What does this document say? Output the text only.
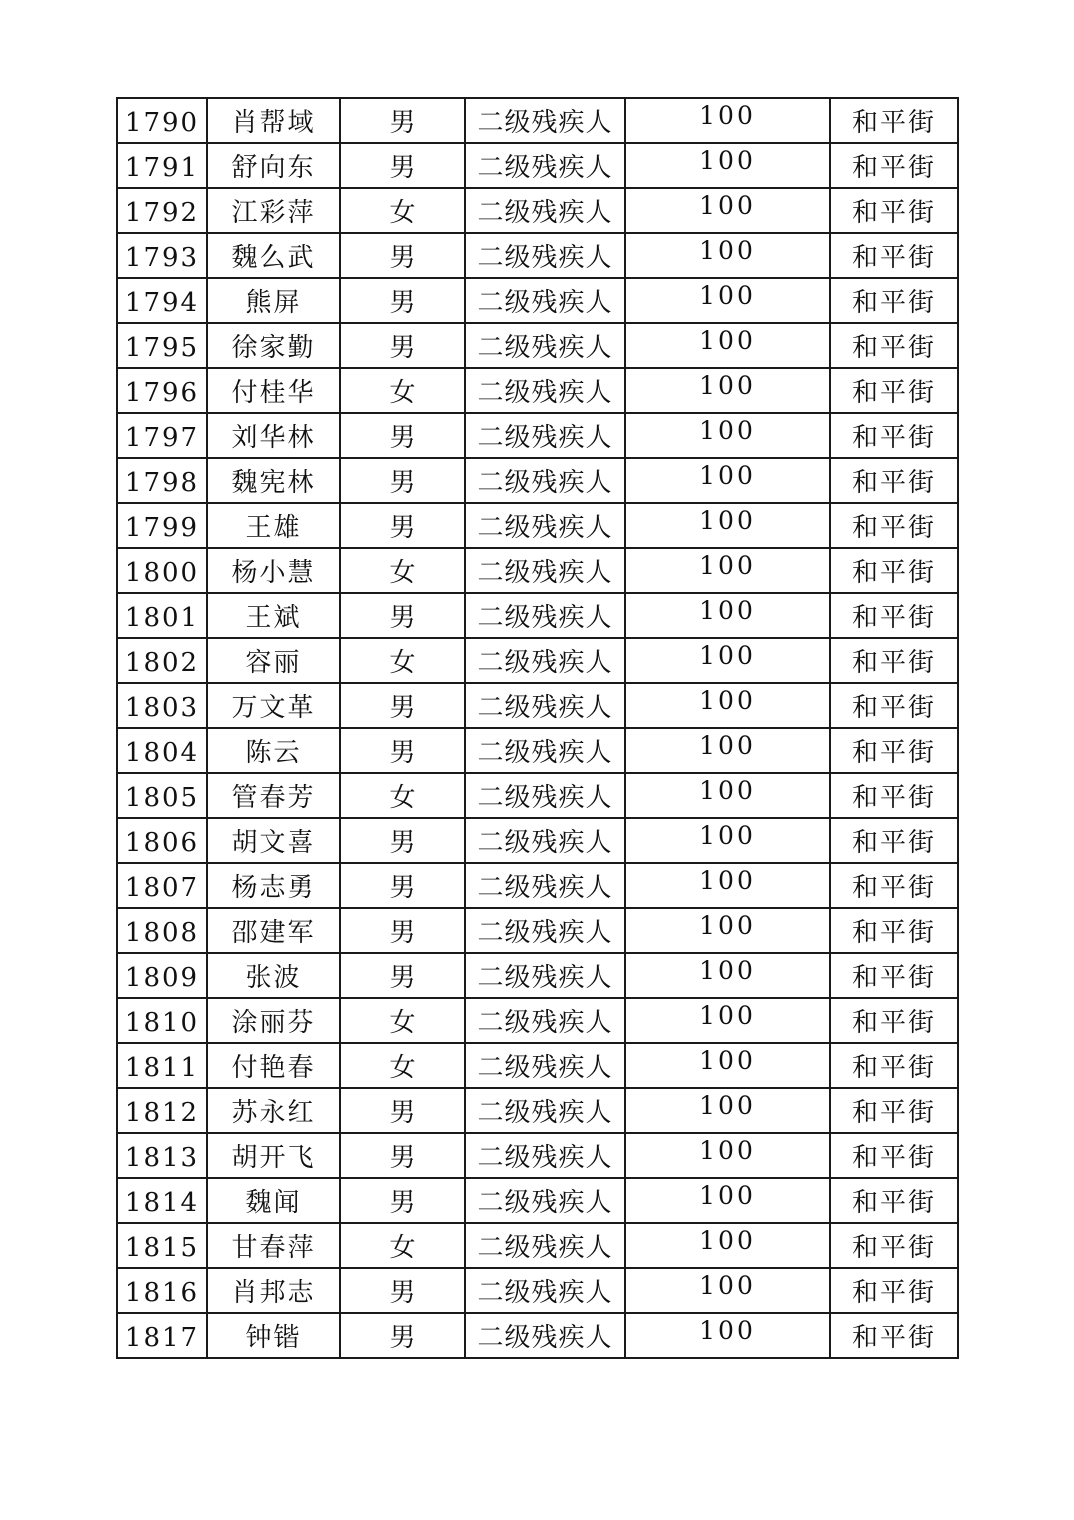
1790	肖帮域	男	二级残疾人	100	和平街
1791	舒向东	男	二级残疾人	100	和平街
1792	江彩萍	女	二级残疾人	100	和平街
1793	魏么武	男	二级残疾人	100	和平街
1794	熊屏	男	二级残疾人	100	和平街
1795	徐家勤	男	二级残疾人	100	和平街
1796	付桂华	女	二级残疾人	100	和平街
1797	刘华林	男	二级残疾人	100	和平街
1798	魏宪林	男	二级残疾人	100	和平街
1799	王雄	男	二级残疾人	100	和平街
1800	杨小慧	女	二级残疾人	100	和平街
1801	王斌	男	二级残疾人	100	和平街
1802	容丽	女	二级残疾人	100	和平街
1803	万文革	男	二级残疾人	100	和平街
1804	陈云	男	二级残疾人	100	和平街
1805	管春芳	女	二级残疾人	100	和平街
1806	胡文喜	男	二级残疾人	100	和平街
1807	杨志勇	男	二级残疾人	100	和平街
1808	邵建军	男	二级残疾人	100	和平街
1809	张波	男	二级残疾人	100	和平街
1810	涂丽芬	女	二级残疾人	100	和平街
1811	付艳春	女	二级残疾人	100	和平街
1812	苏永红	男	二级残疾人	100	和平街
1813	胡开飞	男	二级残疾人	100	和平街
1814	魏闻	男	二级残疾人	100	和平街
1815	甘春萍	女	二级残疾人	100	和平街
1816	肖邦志	男	二级残疾人	100	和平街
1817	钟锴	男	二级残疾人	100	和平街
